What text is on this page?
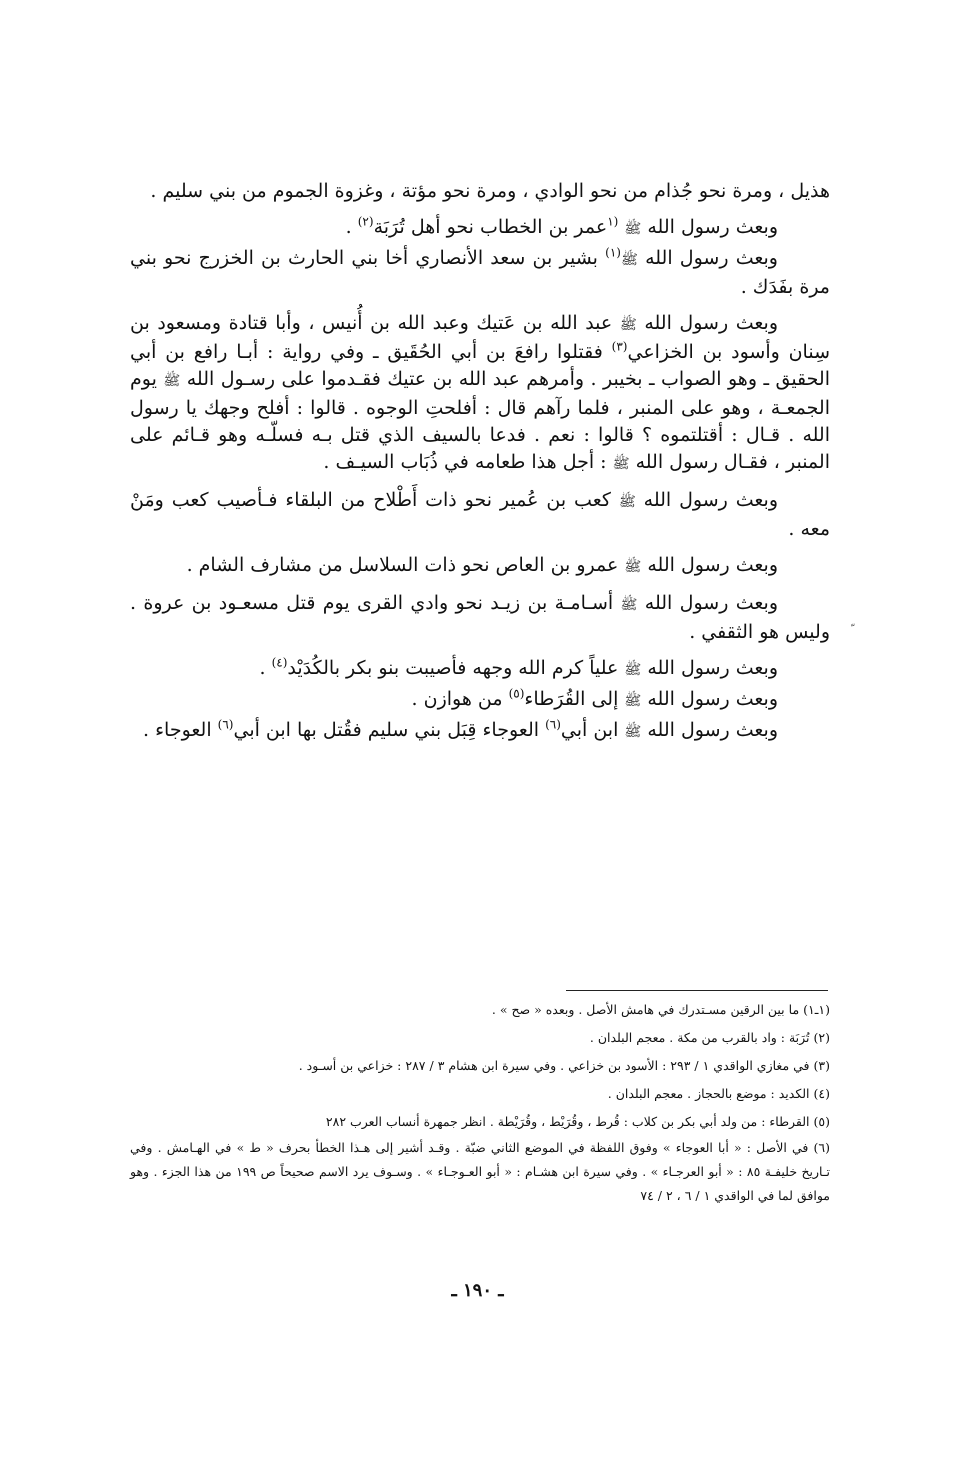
هذيل ، ومرة نحو جُذام من نحو الوادي ، ومرة نحو مؤتة ، وغزوة الجموم من بني سليم .

وبعث رسول الله ﷺ $^{(١}$عمر بن الخطاب نحو أهل تُرَبَة$^{(٢)}$ .

وبعث رسول الله ﷺ$^{(١)}$ بشير بن سعد الأنصاري أخا بني الحارث بن الخزرج نحو بني مرة بفَدَك .

وبعث رسول الله ﷺ عبد الله بن عَتيك وعبد الله بن أُنيس ، وأبا قتادة ومسعود بن سِنان وأسود بن الخزاعي$^{(٣)}$ فقتلوا رافعَ بن أبي الحُقَيق ـ وفي رواية : أبـا رافع بن أبي الحقيق ـ وهو الصواب ـ بخيبر . وأمرهم عبد الله بن عتيك فقـدموا على رسـول الله ﷺ يوم الجمعـة ، وهو على المنبر ، فلما رآهم قال : أفلحتِ الوجوه . قالوا : أفلح وجهك يا رسول الله . قـال : أقتلتموه ؟ قالوا : نعم . فدعا بالسيف الذي قتل بـه فسلّـه وهو قـائم على المنبر ، فقـال رسول الله ﷺ : أجل هذا طعامه في ذُبَاب السيـف .

وبعث رسول الله ﷺ كعب بن عُمير نحو ذات أَطْلاح من البلقاء فـأصيب كعب ومَنْ معه .

وبعث رسول الله ﷺ عمرو بن العاص نحو ذات السلاسل من مشارف الشام .

وبعث رسول الله ﷺ أسـامـة بن زيـد نحو وادي القرى يوم قتل مسعـود بن عروة . وليس هو الثقفي .

وبعث رسول الله ﷺ علياً كرم الله وجهه فأصيبت بنو بكر بالكُدَيْد$^{(٤)}$ .

وبعث رسول الله ﷺ إلى القُرَطاء$^{(٥)}$ من هوازن .

وبعث رسول الله ﷺ ابن أبي$^{(٦)}$ العوجاء قِبَل بني سليم فقُتل بها ابن أبي$^{(٦)}$ العوجاء .

(١ـ١) ما بين الرقين مسـتدرك في هامش الأصل . وبعده « صح » .

(٢) تُرَبَة : واد بالقرب من مكة . معجم البلدان .

(٣) في مغازي الواقدي ١ / ٢٩٣ : الأسود بن خزاعي . وفي سيرة ابن هشام ٣ / ٢٨٧ : خزاعي بن أسـود .

(٤) الكديد : موضع بالحجاز . معجم البلدان .

(٥) القرطاء : من ولد أبي بكر بن كلاب : قُرط ، وقُرَيْط ، وقُرَيْطة . انظر جمهرة أنساب العرب ٢٨٢

(٦) في الأصل : « أبا العوجاء » وفوق اللفظة في الموضع الثاني ضبّة . وقـد أشير إلى هـذا الخطأ بحرف « ط » في الهـامش . وفي تـاريخ خليفـة ٨٥ : « أبو العرجـاء » . وفي سيرة ابن هشـام : « أبو العـوجـاء » . وسـوف يرد الاسم صحيحاً ص ١٩٩ من هذا الجزء . وهو موافق لما في الواقدي ١ / ٦ ، ٢ / ٧٤

ـ ١٩٠ ـ
